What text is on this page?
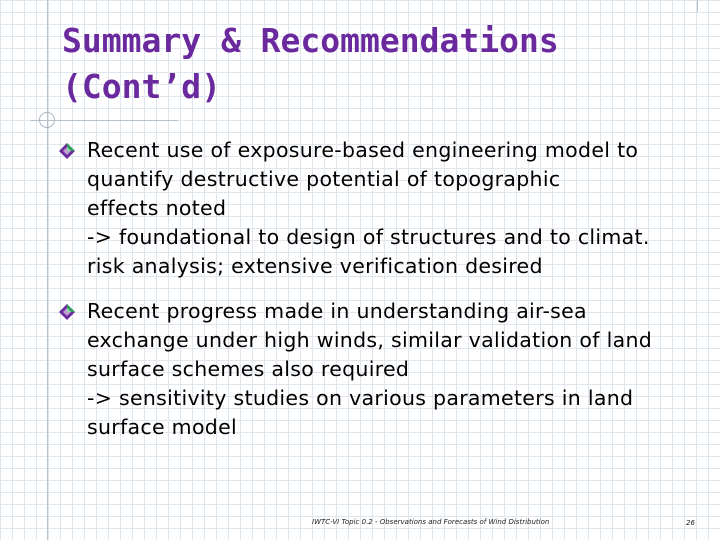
Summary & Recommendations
(Cont’d)
Recent use of exposure-based engineering model to
quantify destructive potential of topographic
effects noted
-> foundational to design of structures and to climat.
risk analysis; extensive verification desired
Recent progress made in understanding air-sea
exchange under high winds, similar validation of land
surface schemes also required
-> sensitivity studies on various parameters in land
surface model
IWTC-VI Topic 0.2 - Observations and Forecasts of Wind Distribution	26
